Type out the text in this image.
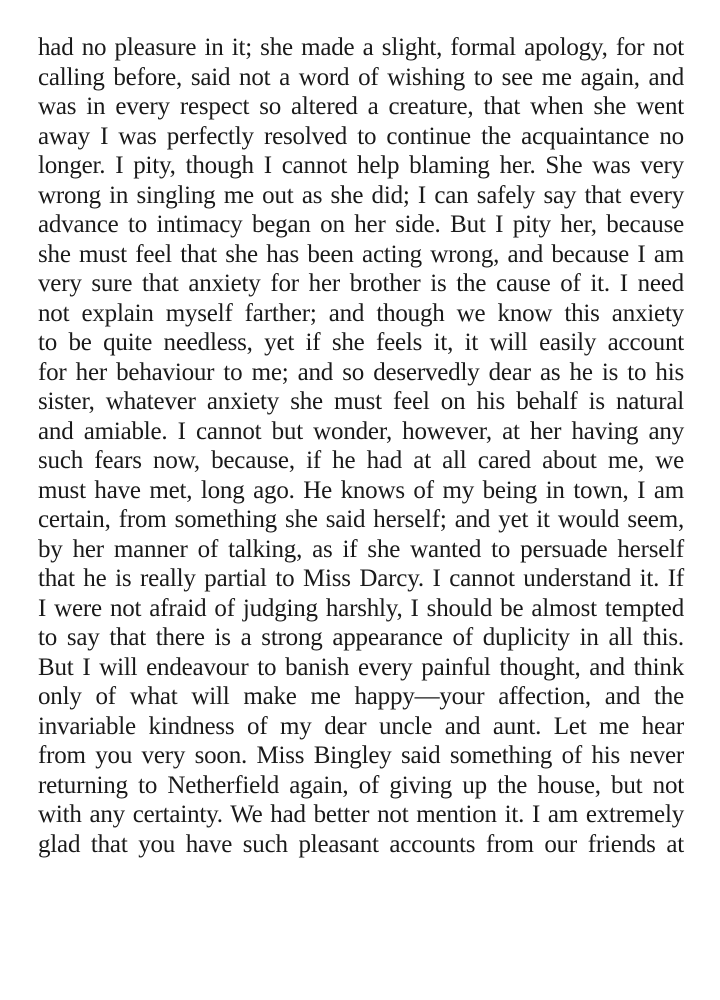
had no pleasure in it; she made a slight, formal apology, for not
calling before, said not a word of wishing to see me again, and
was in every respect so altered a creature, that when she went
away I was perfectly resolved to continue the acquaintance no
longer. I pity, though I cannot help blaming her. She was very
wrong in singling me out as she did; I can safely say that every
advance to intimacy began on her side. But I pity her, because
she must feel that she has been acting wrong, and because I am
very sure that anxiety for her brother is the cause of it. I need
not explain myself farther; and though we know this anxiety
to be quite needless, yet if she feels it, it will easily account
for her behaviour to me; and so deservedly dear as he is to his
sister, whatever anxiety she must feel on his behalf is natural
and amiable. I cannot but wonder, however, at her having any
such fears now, because, if he had at all cared about me, we
must have met, long ago. He knows of my being in town, I am
certain, from something she said herself; and yet it would seem,
by her manner of talking, as if she wanted to persuade herself
that he is really partial to Miss Darcy. I cannot understand it. If
I were not afraid of judging harshly, I should be almost tempted
to say that there is a strong appearance of duplicity in all this.
But I will endeavour to banish every painful thought, and think
only of what will make me happy—your affection, and the
invariable kindness of my dear uncle and aunt. Let me hear
from you very soon. Miss Bingley said something of his never
returning to Netherfield again, of giving up the house, but not
with any certainty. We had better not mention it. I am extremely
glad that you have such pleasant accounts from our friends at
